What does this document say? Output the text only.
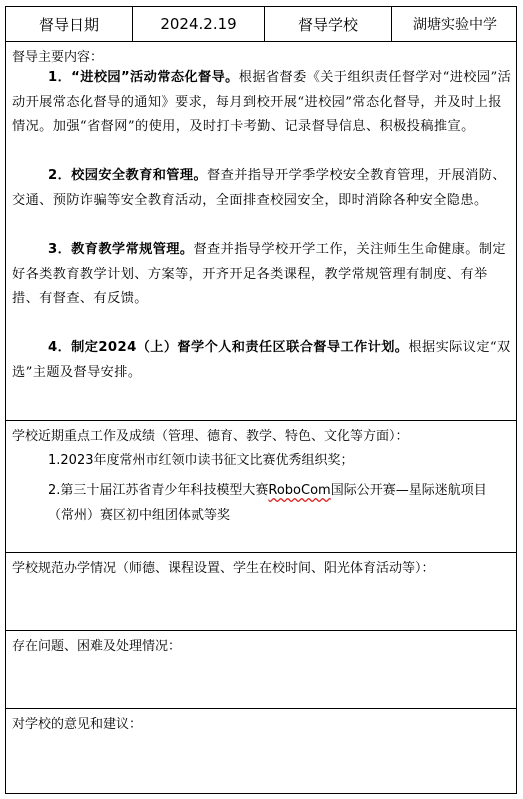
督导日期	2024.2.19	督导学校	湖塘实验中学
督导主要内容：
1．“进校园”活动常态化督导。根据省督委《关于组织责任督学对“进校园”活动开展常态化督导的通知》要求，每月到校开展“进校园”常态化督导，并及时上报情况。加强“省督网”的使用，及时打卡考勤、记录督导信息、积极投稿推宣。
2．校园安全教育和管理。督查并指导开学季学校安全教育管理，开展消防、交通、预防诈骗等安全教育活动，全面排查校园安全，即时消除各种安全隐患。
3．教育教学常规管理。督查并指导学校开学工作，关注师生生命健康。制定好各类教育教学计划、方案等，开齐开足各类课程，教学常规管理有制度、有举措、有督查、有反馈。
4．制定2024（上）督学个人和责任区联合督导工作计划。根据实际议定“双选”主题及督导安排。
学校近期重点工作及成绩（管理、德育、教学、特色、文化等方面）：
1.2023年度常州市红领巾读书征文比赛优秀组织奖；
2.第三十届江苏省青少年科技模型大赛RoboCom国际公开赛—星际迷航项目（常州）赛区初中组团体贰等奖
学校规范办学情况（师德、课程设置、学生在校时间、阳光体育活动等）：
存在问题、困难及处理情况：
对学校的意见和建议：
